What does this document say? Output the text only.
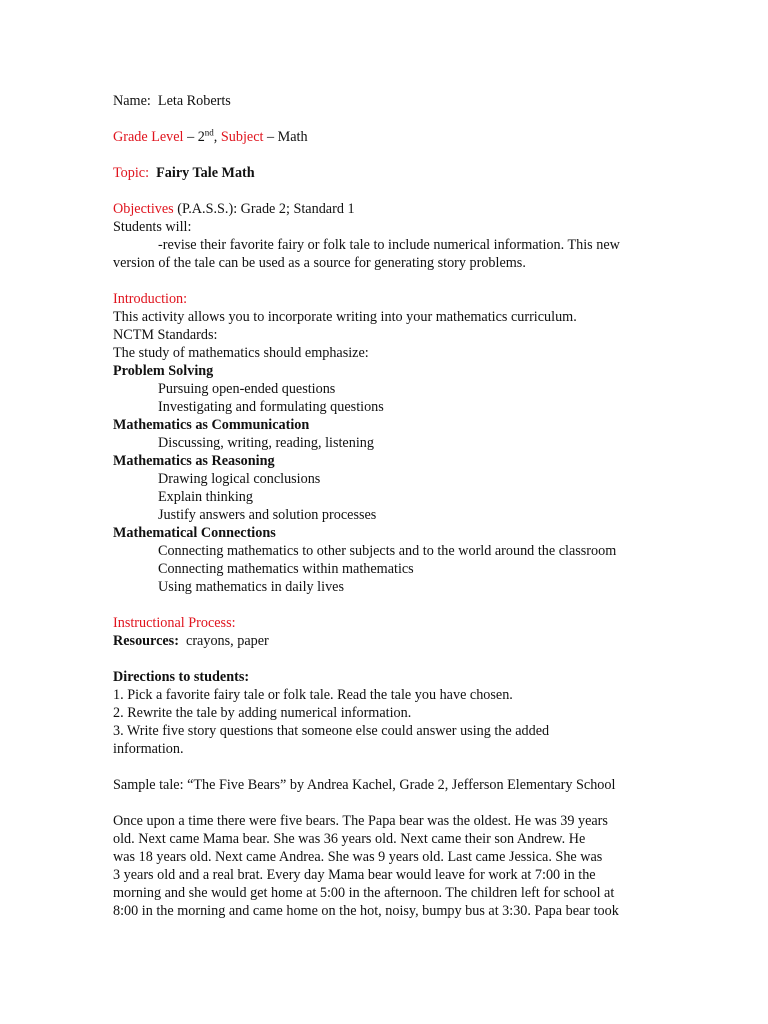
Name: Leta Roberts

Grade Level – 2nd, Subject – Math

Topic: Fairy Tale Math

Objectives (P.A.S.S.): Grade 2; Standard 1

Students will:

-revise their favorite fairy or folk tale to include numerical information. This new

version of the tale can be used as a source for generating story problems.

Introduction:

This activity allows you to incorporate writing into your mathematics curriculum.

NCTM Standards:

The study of mathematics should emphasize:

Problem Solving

Pursuing open-ended questions

Investigating and formulating questions

Mathematics as Communication

Discussing, writing, reading, listening

Mathematics as Reasoning

Drawing logical conclusions

Explain thinking

Justify answers and solution processes

Mathematical Connections

Connecting mathematics to other subjects and to the world around the classroom

Connecting mathematics within mathematics

Using mathematics in daily lives

Instructional Process:

Resources: crayons, paper

Directions to students:

1. Pick a favorite fairy tale or folk tale. Read the tale you have chosen.

2. Rewrite the tale by adding numerical information.

3. Write five story questions that someone else could answer using the added

information.

Sample tale: “The Five Bears” by Andrea Kachel, Grade 2, Jefferson Elementary School

Once upon a time there were five bears. The Papa bear was the oldest. He was 39 years

old. Next came Mama bear. She was 36 years old. Next came their son Andrew. He

was 18 years old. Next came Andrea. She was 9 years old. Last came Jessica. She was

3 years old and a real brat. Every day Mama bear would leave for work at 7:00 in the

morning and she would get home at 5:00 in the afternoon. The children left for school at

8:00 in the morning and came home on the hot, noisy, bumpy bus at 3:30. Papa bear took
